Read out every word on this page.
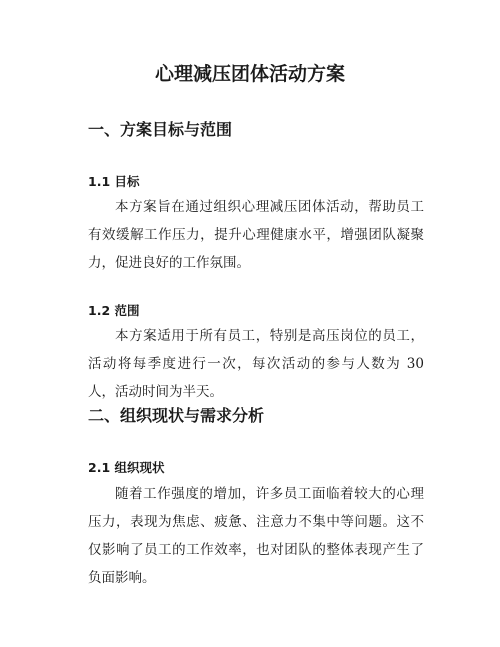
心理减压团体活动方案
一、方案目标与范围
1.1 目标

本方案旨在通过组织心理减压团体活动，帮助员工有效缓解工作压力，提升心理健康水平，增强团队凝聚力，促进良好的工作氛围。

1.2 范围

本方案适用于所有员工，特别是高压岗位的员工，活动将每季度进行一次，每次活动的参与人数为 30 人，活动时间为半天。

二、组织现状与需求分析
2.1 组织现状

随着工作强度的增加，许多员工面临着较大的心理压力，表现为焦虑、疲惫、注意力不集中等问题。这不仅影响了员工的工作效率，也对团队的整体表现产生了负面影响。
